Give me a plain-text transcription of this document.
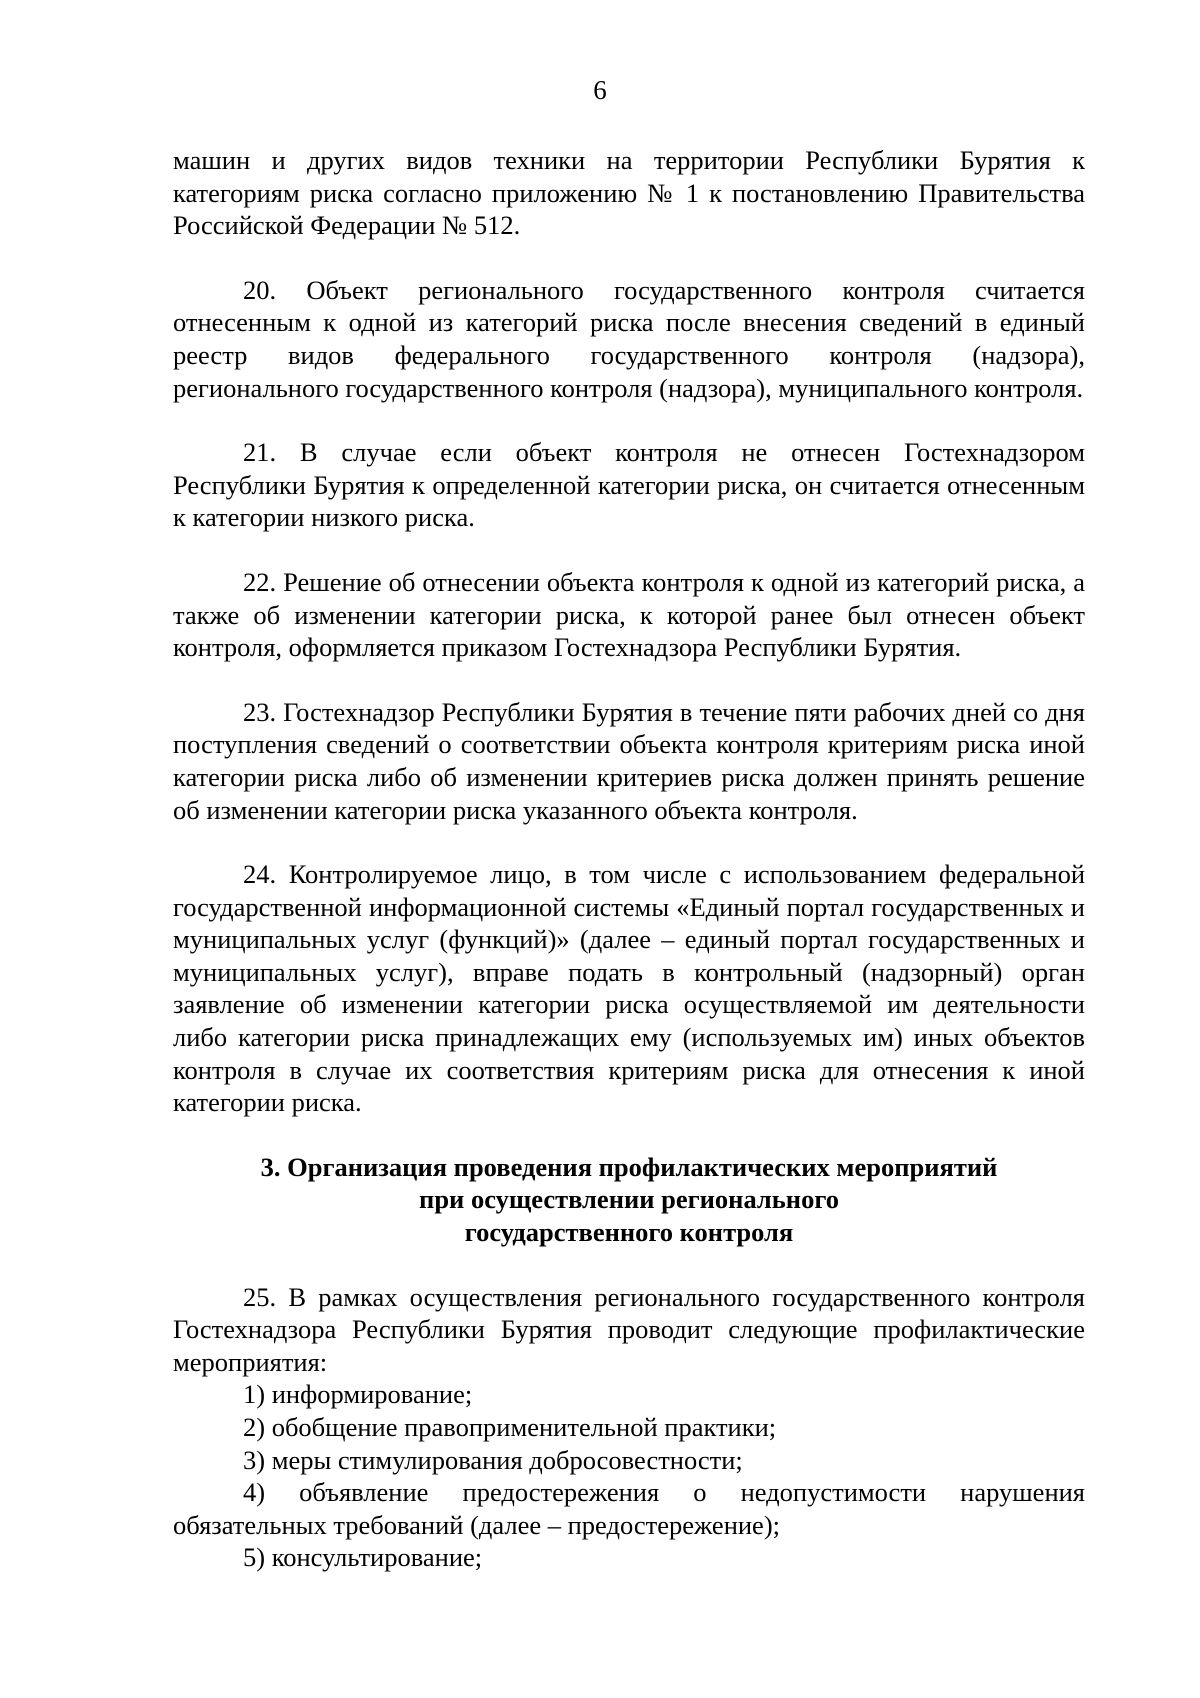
6

машин и других видов техники на территории Республики Бурятия к категориям риска согласно приложению № 1 к постановлению Правительства Российской Федерации № 512.

20. Объект регионального государственного контроля считается отнесенным к одной из категорий риска после внесения сведений в единый реестр видов федерального государственного контроля (надзора), регионального государственного контроля (надзора), муниципального контроля.

21. В случае если объект контроля не отнесен Гостехнадзором Республики Бурятия к определенной категории риска, он считается отнесенным к категории низкого риска.

22. Решение об отнесении объекта контроля к одной из категорий риска, а также об изменении категории риска, к которой ранее был отнесен объект контроля, оформляется приказом Гостехнадзора Республики Бурятия.

23. Гостехнадзор Республики Бурятия в течение пяти рабочих дней со дня поступления сведений о соответствии объекта контроля критериям риска иной категории риска либо об изменении критериев риска должен принять решение об изменении категории риска указанного объекта контроля.

24. Контролируемое лицо, в том числе с использованием федеральной государственной информационной системы «Единый портал государственных и муниципальных услуг (функций)» (далее – единый портал государственных и муниципальных услуг), вправе подать в контрольный (надзорный) орган заявление об изменении категории риска осуществляемой им деятельности либо категории риска принадлежащих ему (используемых им) иных объектов контроля в случае их соответствия критериям риска для отнесения к иной категории риска.

3. Организация проведения профилактических мероприятий
при осуществлении регионального
государственного контроля

25. В рамках осуществления регионального государственного контроля Гостехнадзора Республики Бурятия проводит следующие профилактические мероприятия:

1) информирование;

2) обобщение правоприменительной практики;

3) меры стимулирования добросовестности;

4) объявление предостережения о недопустимости нарушения обязательных требований (далее – предостережение);

5) консультирование;
